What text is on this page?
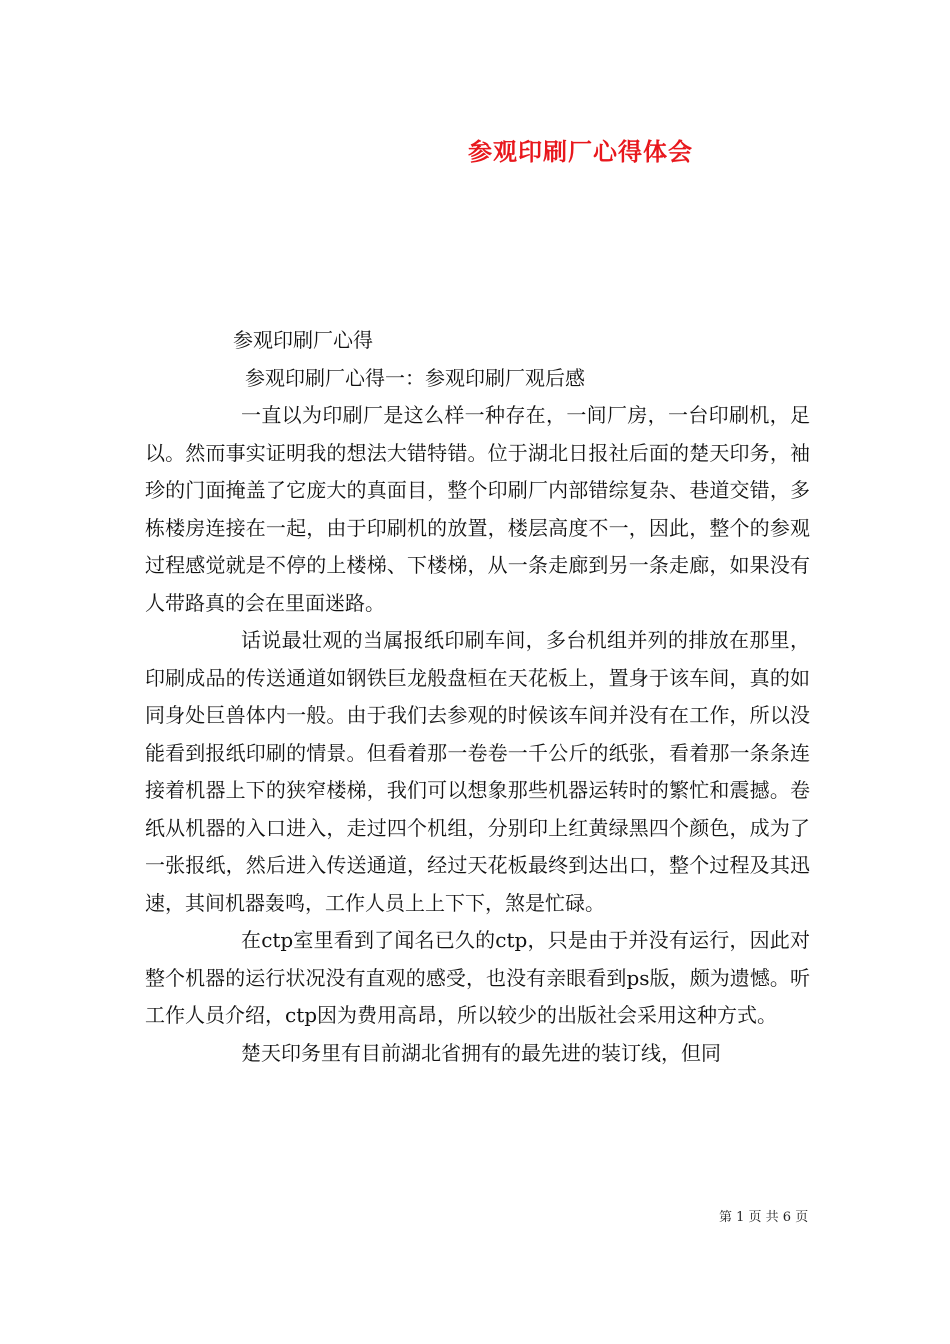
参观印刷厂心得体会

参观印刷厂心得

参观印刷厂心得一：参观印刷厂观后感

一直以为印刷厂是这么样一种存在，一间厂房，一台印刷机，足以。然而事实证明我的想法大错特错。位于湖北日报社后面的楚天印务，袖珍的门面掩盖了它庞大的真面目，整个印刷厂内部错综复杂、巷道交错，多栋楼房连接在一起，由于印刷机的放置，楼层高度不一，因此，整个的参观过程感觉就是不停的上楼梯、下楼梯，从一条走廊到另一条走廊，如果没有人带路真的会在里面迷路。

话说最壮观的当属报纸印刷车间，多台机组并列的排放在那里，印刷成品的传送通道如钢铁巨龙般盘桓在天花板上，置身于该车间，真的如同身处巨兽体内一般。由于我们去参观的时候该车间并没有在工作，所以没能看到报纸印刷的情景。但看着那一卷卷一千公斤的纸张，看着那一条条连接着机器上下的狭窄楼梯，我们可以想象那些机器运转时的繁忙和震撼。卷纸从机器的入口进入，走过四个机组，分别印上红黄绿黑四个颜色，成为了一张报纸，然后进入传送通道，经过天花板最终到达出口，整个过程及其迅速，其间机器轰鸣，工作人员上上下下，煞是忙碌。

在ctp室里看到了闻名已久的ctp，只是由于并没有运行，因此对整个机器的运行状况没有直观的感受，也没有亲眼看到ps版，颇为遗憾。听工作人员介绍，ctp因为费用高昂，所以较少的出版社会采用这种方式。

楚天印务里有目前湖北省拥有的最先进的装订线，但同

第 1 页 共 6 页
